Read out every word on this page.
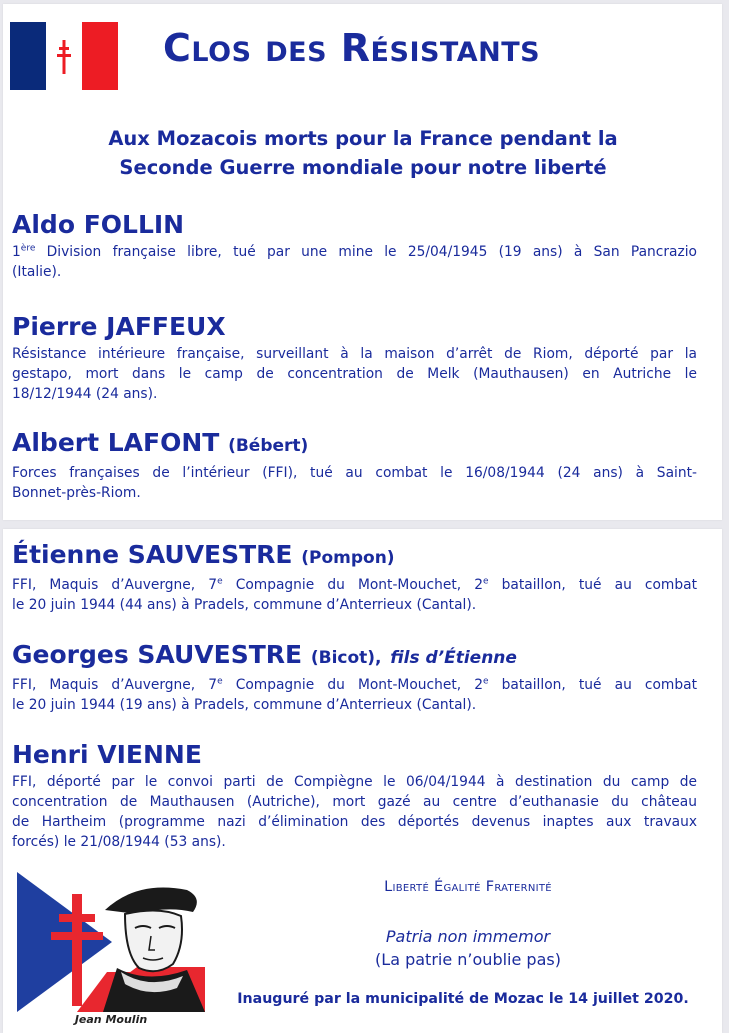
Clos des Résistants
Aux Mozacois morts pour la France pendant la
Seconde Guerre mondiale pour notre liberté
Aldo FOLLIN
1ère Division française libre, tué par une mine le 25/04/1945 (19 ans) à San Pancrazio
(Italie).
Pierre JAFFEUX
Résistance intérieure française, surveillant à la maison d’arrêt de Riom, déporté par la
gestapo, mort dans le camp de concentration de Melk (Mauthausen) en Autriche le
18/12/1944 (24 ans).
Albert LAFONT (Bébert)
Forces françaises de l’intérieur (FFI), tué au combat le 16/08/1944 (24 ans) à Saint-
Bonnet-près-Riom.
Étienne SAUVESTRE (Pompon)
FFI, Maquis d’Auvergne, 7e Compagnie du Mont-Mouchet, 2e bataillon, tué au combat
le 20 juin 1944 (44 ans) à Pradels, commune d’Anterrieux (Cantal).
Georges SAUVESTRE (Bicot), fils d’Étienne
FFI, Maquis d’Auvergne, 7e Compagnie du Mont-Mouchet, 2e bataillon, tué au combat
le 20 juin 1944 (19 ans) à Pradels, commune d’Anterrieux (Cantal).
Henri VIENNE
FFI, déporté par le convoi parti de Compiègne le 06/04/1944 à destination du camp de
concentration de Mauthausen (Autriche), mort gazé au centre d’euthanasie du château
de Hartheim (programme nazi d’élimination des déportés devenus inaptes aux travaux
forcés) le 21/08/1944 (53 ans).
Jean Moulin
Liberté Égalité Fraternité
Patria non immemor
(La patrie n’oublie pas)
Inauguré par la municipalité de Mozac le 14 juillet 2020.
